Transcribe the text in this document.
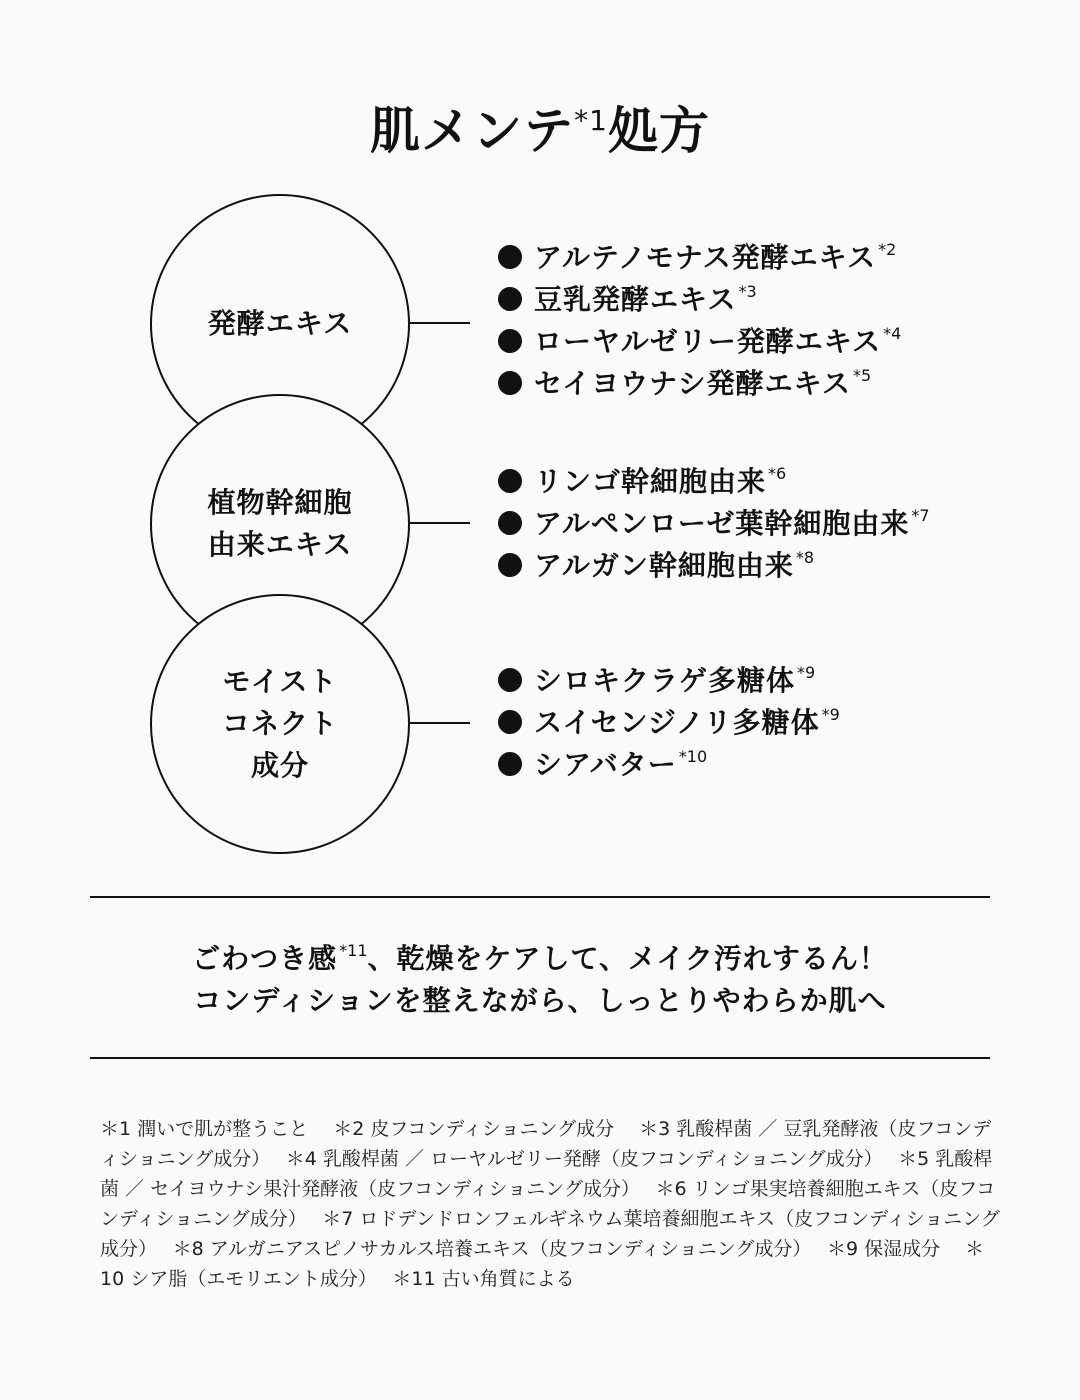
肌メンテ$^{*1}$処方
発酵エキス
植物幹細胞
由来エキス
モイスト
コネクト
成分
アルテノモナス発酵エキス $^{*2}$
豆乳発酵エキス $^{*3}$
ローヤルゼリー発酵エキス $^{*4}$
セイヨウナシ発酵エキス $^{*5}$
リンゴ幹細胞由来 $^{*6}$
アルペンローゼ葉幹細胞由来 $^{*7}$
アルガン幹細胞由来 $^{*8}$
シロキクラゲ多糖体 $^{*9}$
スイセンジノリ多糖体 $^{*9}$
シアバター $^{*10}$
ごわつき感 $^{*11}$、乾燥をケアして、メイク汚れするん！
コンディションを整えながら、しっとりやわらか肌へ
＊1 潤いで肌が整うこと　 ＊2 皮フコンディショニング成分　 ＊3 乳酸桿菌 ／ 豆乳発酵液（皮フコンディショニング成分）　 ＊4 乳酸桿菌 ／ ローヤルゼリー発酵（皮フコンディショニング成分）　 ＊5 乳酸桿菌 ／ セイヨウナシ果汁発酵液（皮フコンディショニング成分）　 ＊6 リンゴ果実培養細胞エキス（皮フコンディショニング成分）　 ＊7 ロドデンドロンフェルギネウム葉培養細胞エキス（皮フコンディショニング成分）　 ＊8 アルガニアスピノサカルス培養エキス（皮フコンディショニング成分）　 ＊9 保湿成分　 ＊10 シア脂（エモリエント成分）　 ＊11 古い角質による
